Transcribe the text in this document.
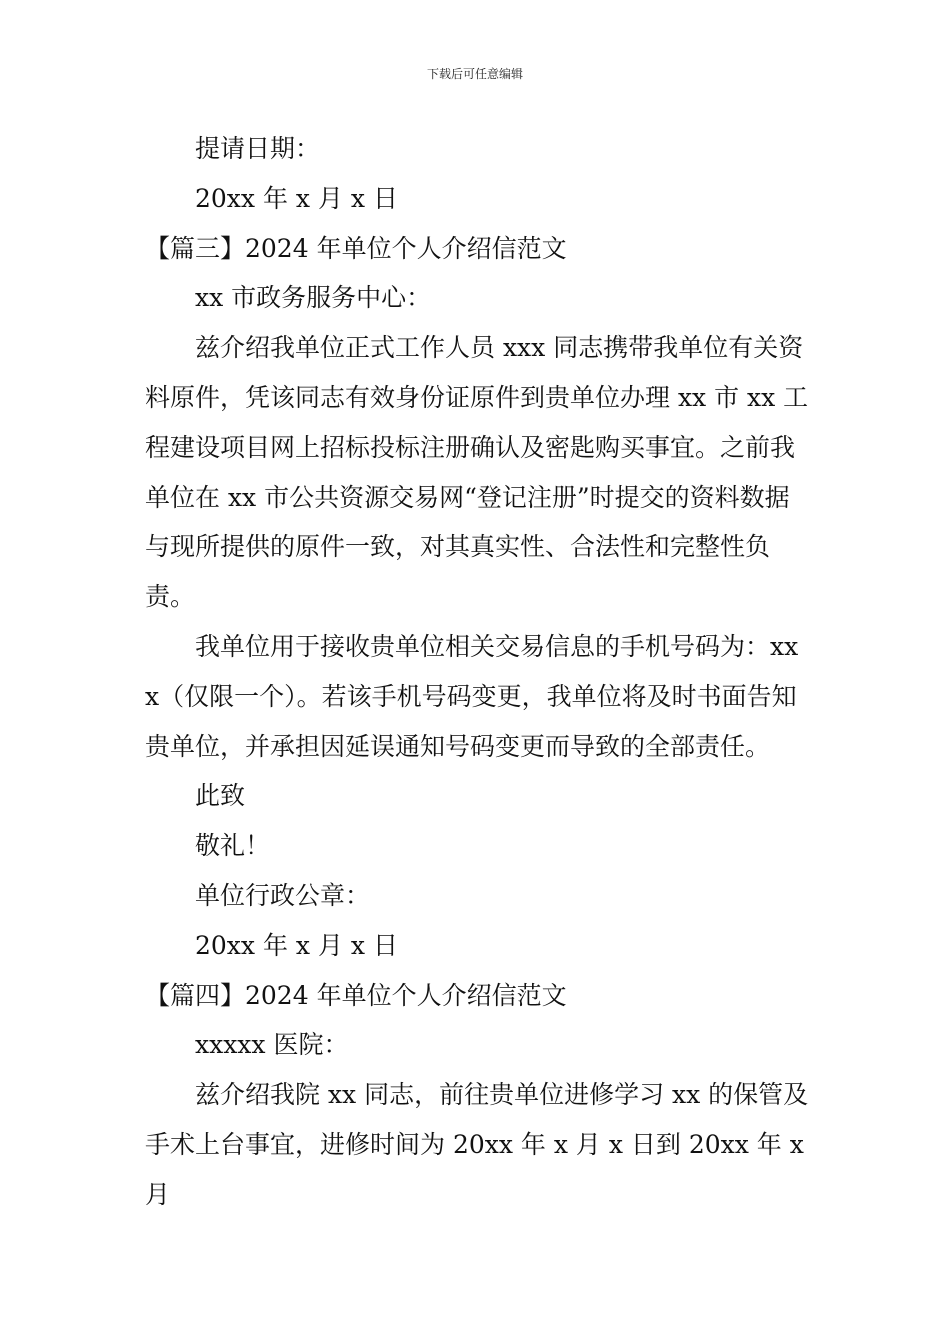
下载后可任意编辑

提请日期：

20xx 年 x 月 x 日

【篇三】2024 年单位个人介绍信范文

xx 市政务服务中心：

兹介绍我单位正式工作人员 xxx 同志携带我单位有关资料原件，凭该同志有效身份证原件到贵单位办理 xx 市 xx 工程建设项目网上招标投标注册确认及密匙购买事宜。之前我单位在 xx 市公共资源交易网“登记注册”时提交的资料数据与现所提供的原件一致，对其真实性、合法性和完整性负责。

我单位用于接收贵单位相关交易信息的手机号码为：xxx（仅限一个）。若该手机号码变更，我单位将及时书面告知贵单位，并承担因延误通知号码变更而导致的全部责任。

此致

敬礼！

单位行政公章：

20xx 年 x 月 x 日

【篇四】2024 年单位个人介绍信范文

xxxxx 医院：

兹介绍我院 xx 同志，前往贵单位进修学习 xx 的保管及手术上台事宜，进修时间为 20xx 年 x 月 x 日到 20xx 年 x 月
